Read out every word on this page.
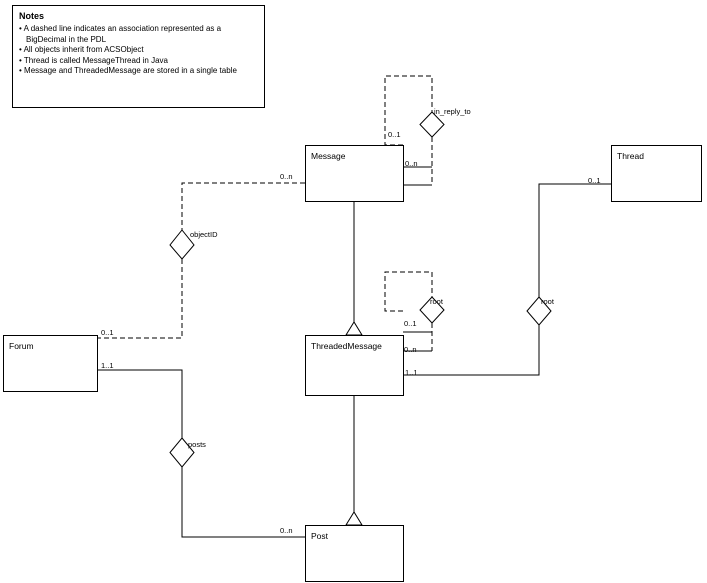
Notes
• A dashed line indicates an association represented as a BigDecimal in the PDL
• All objects inherit from ACSObject
• Thread is called MessageThread in Java
• Message and ThreadedMessage are stored in a single table
Message	Thread
Forum	ThreadedMessage
Post
in_reply_to
objectID
root	root
posts
0..1
0..n
0..n	0..1
0..1
1..1
0..1
0..n
1..1
0..n
